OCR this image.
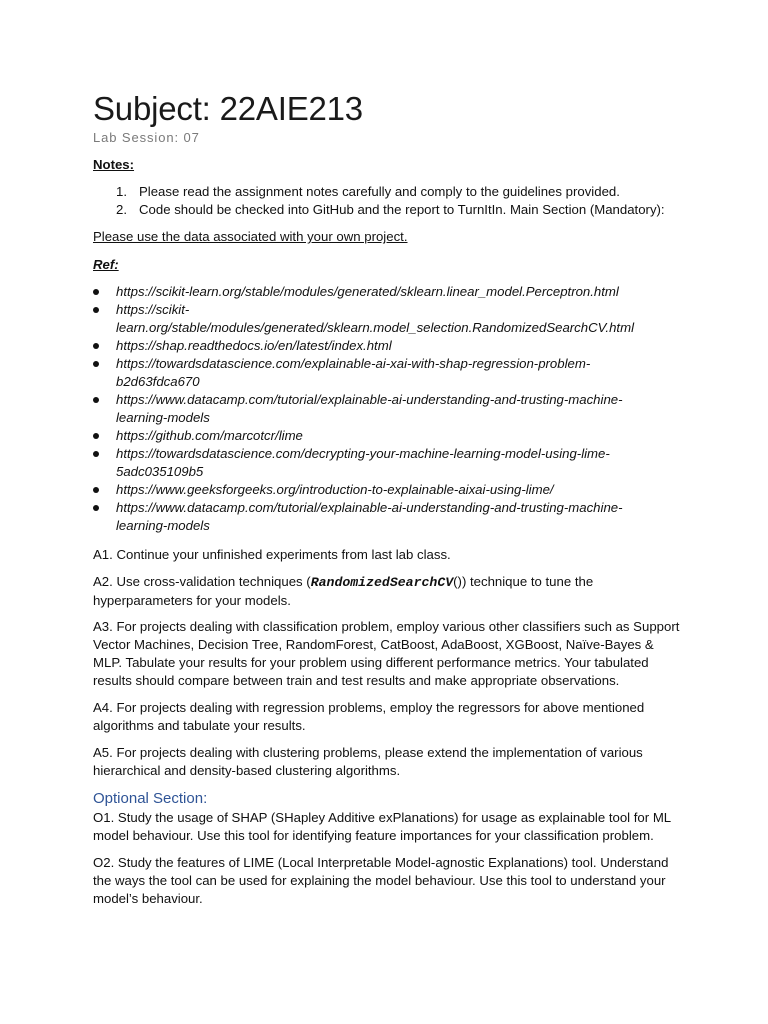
Subject: 22AIE213
Lab Session: 07
Notes:
1. Please read the assignment notes carefully and comply to the guidelines provided.
2. Code should be checked into GitHub and the report to TurnItIn. Main Section (Mandatory):
Please use the data associated with your own project.
Ref:
https://scikit-learn.org/stable/modules/generated/sklearn.linear_model.Perceptron.html
https://scikit-
learn.org/stable/modules/generated/sklearn.model_selection.RandomizedSearchCV.html
https://shap.readthedocs.io/en/latest/index.html
https://towardsdatascience.com/explainable-ai-xai-with-shap-regression-problem-
b2d63fdca670
https://www.datacamp.com/tutorial/explainable-ai-understanding-and-trusting-machine-
learning-models
https://github.com/marcotcr/lime
https://towardsdatascience.com/decrypting-your-machine-learning-model-using-lime-
5adc035109b5
https://www.geeksforgeeks.org/introduction-to-explainable-aixai-using-lime/
https://www.datacamp.com/tutorial/explainable-ai-understanding-and-trusting-machine-
learning-models

A1. Continue your unfinished experiments from last lab class.

A2. Use cross-validation techniques (RandomizedSearchCV()) technique to tune the hyperparameters for your models.

A3. For projects dealing with classification problem, employ various other classifiers such as Support Vector Machines, Decision Tree, RandomForest, CatBoost, AdaBoost, XGBoost, Naïve-Bayes & MLP. Tabulate your results for your problem using different performance metrics. Your tabulated results should compare between train and test results and make appropriate observations.

A4. For projects dealing with regression problems, employ the regressors for above mentioned algorithms and tabulate your results.

A5. For projects dealing with clustering problems, please extend the implementation of various hierarchical and density-based clustering algorithms.

Optional Section:

O1. Study the usage of SHAP (SHapley Additive exPlanations) for usage as explainable tool for ML model behaviour. Use this tool for identifying feature importances for your classification problem.

O2. Study the features of LIME (Local Interpretable Model-agnostic Explanations) tool. Understand the ways the tool can be used for explaining the model behaviour. Use this tool to understand your model’s behaviour.
